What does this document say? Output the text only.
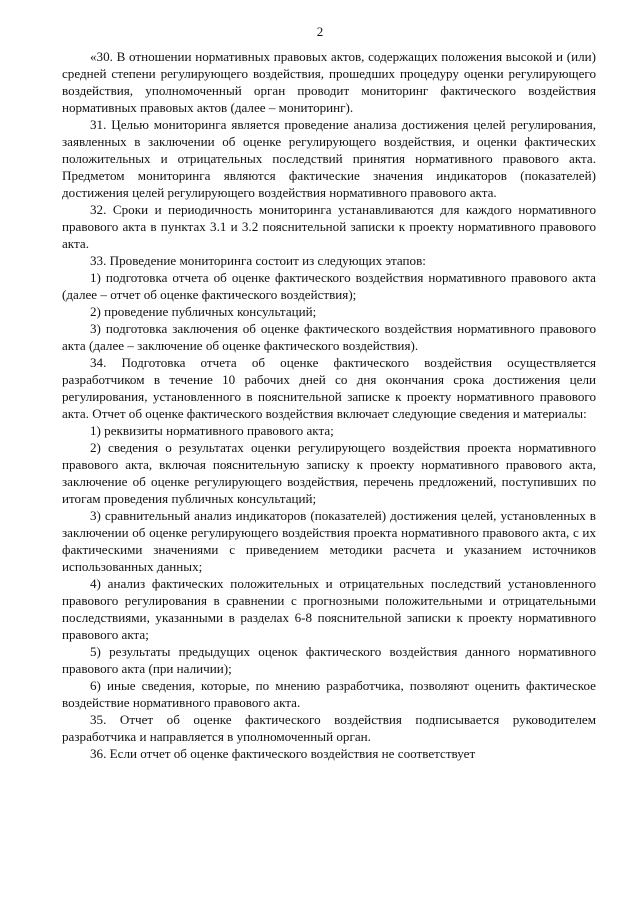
2

«30. В отношении нормативных правовых актов, содержащих положения высокой и (или) средней степени регулирующего воздействия, прошедших процедуру оценки регулирующего воздействия, уполномоченный орган проводит мониторинг фактического воздействия нормативных правовых актов (далее – мониторинг).

31. Целью мониторинга является проведение анализа достижения целей регулирования, заявленных в заключении об оценке регулирующего воздействия, и оценки фактических положительных и отрицательных последствий принятия нормативного правового акта. Предметом мониторинга являются фактические значения индикаторов (показателей) достижения целей регулирующего воздействия нормативного правового акта.

32. Сроки и периодичность мониторинга устанавливаются для каждого нормативного правового акта в пунктах 3.1 и 3.2 пояснительной записки к проекту нормативного правового акта.

33. Проведение мониторинга состоит из следующих этапов:

1) подготовка отчета об оценке фактического воздействия нормативного правового акта (далее – отчет об оценке фактического воздействия);

2) проведение публичных консультаций;

3) подготовка заключения об оценке фактического воздействия нормативного правового акта (далее – заключение об оценке фактического воздействия).

34. Подготовка отчета об оценке фактического воздействия осуществляется разработчиком в течение 10 рабочих дней со дня окончания срока достижения цели регулирования, установленного в пояснительной записке к проекту нормативного правового акта. Отчет об оценке фактического воздействия включает следующие сведения и материалы:

1) реквизиты нормативного правового акта;

2) сведения о результатах оценки регулирующего воздействия проекта нормативного правового акта, включая пояснительную записку к проекту нормативного правового акта, заключение об оценке регулирующего воздействия, перечень предложений, поступивших по итогам проведения публичных консультаций;

3) сравнительный анализ индикаторов (показателей) достижения целей, установленных в заключении об оценке регулирующего воздействия проекта нормативного правового акта, с их фактическими значениями с приведением методики расчета и указанием источников использованных данных;

4) анализ фактических положительных и отрицательных последствий установленного правового регулирования в сравнении с прогнозными положительными и отрицательными последствиями, указанными в разделах 6-8 пояснительной записки к проекту нормативного правового акта;

5) результаты предыдущих оценок фактического воздействия данного нормативного правового акта (при наличии);

6) иные сведения, которые, по мнению разработчика, позволяют оценить фактическое воздействие нормативного правового акта.

35. Отчет об оценке фактического воздействия подписывается руководителем разработчика и направляется в уполномоченный орган.

36. Если отчет об оценке фактического воздействия не соответствует
